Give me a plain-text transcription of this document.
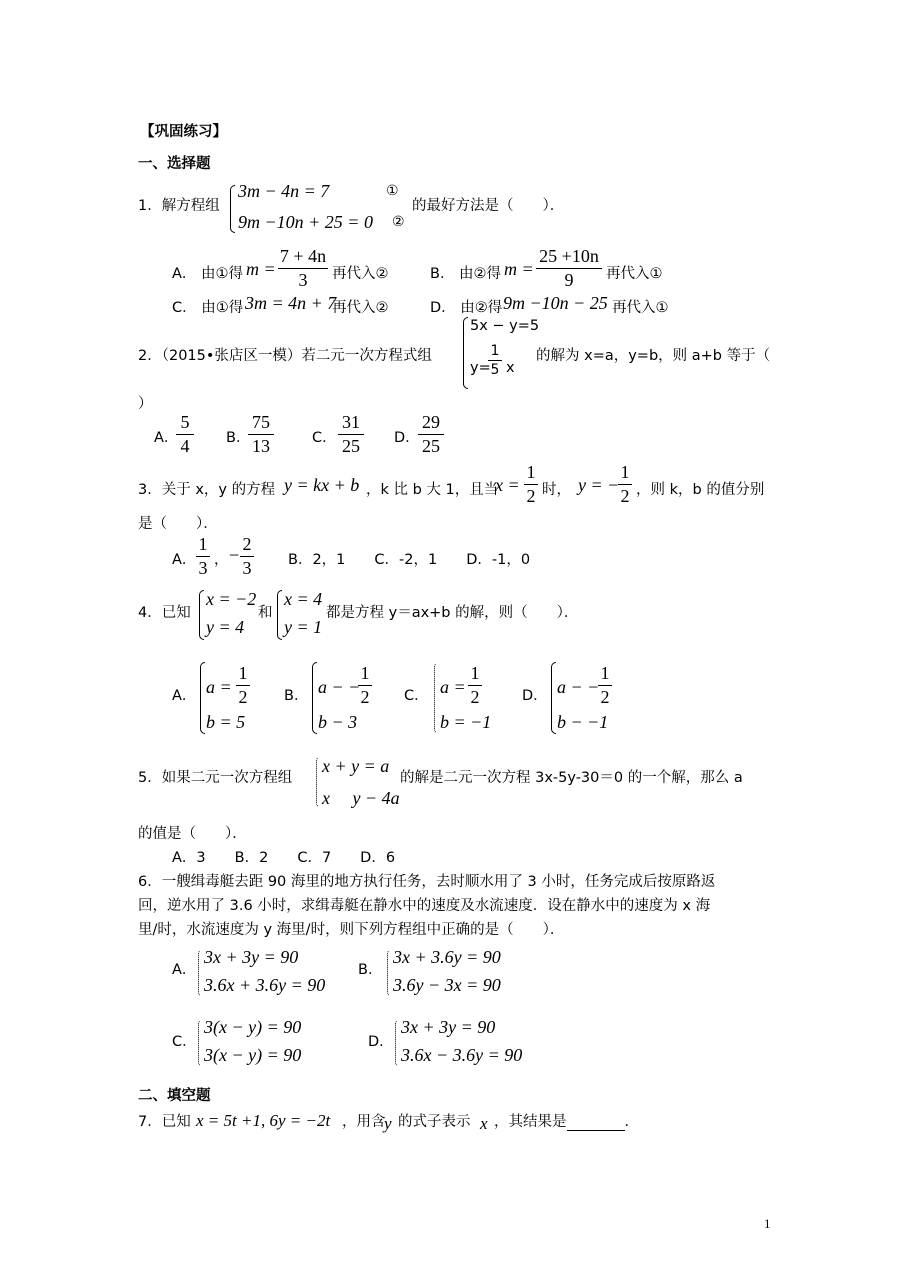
【巩固练习】
一、选择题
1．解方程组
3m − 4n = 7
9m −10n + 25 = 0
①
②
的最好方法是（　　）．
A． 由①得 m =
7 + 4n
3 再代入②	B． 由②得 m =
25 +10n
9 再代入①
C． 由①得 3m = 4n + 7
再代入②	D． 由②得 9m −10n − 25 再代入①
2．（2015•张店区一模）若二元一次方程式组
5x − y=5
y=
1
5 x
的解为 x=a，y=b，则 a+b 等于（
）
A．
5
4	B．
75
13	C．
31
25 D．
29
25
3．关于 x，y 的方程 y = kx + b ，k 比 b 大 1，且当
x =
1
2 时， y = −
1
2 ，则 k，b 的值分别
是（　　）．
A．
1
3 ， −
2
3	B．2，1　　C．-2，1　　D．-1，0
4．已知
x = −2
y = 4
和
x = 4
y = 1
都是方程 y＝ax+b 的解，则（　　）．
A． a =
1
2
b = 5
B． a − −
1
2
b − 3
C． a =
1
2
b = −1
D． a − −
1
2
b − −1
5．如果二元一次方程组
x + y = a
x　 y − 4a
的解是二元一次方程 3x-5y-30＝0 的一个解，那么 a
的值是（　　）．
A．3　　B．2　　C．7　　D．6
6．一艘缉毒艇去距 90 海里的地方执行任务，去时顺水用了 3 小时，任务完成后按原路返
回，逆水用了 3.6 小时，求缉毒艇在静水中的速度及水流速度．设在静水中的速度为 x 海
里/时，水流速度为 y 海里/时，则下列方程组中正确的是（　　）．
A．
3x + 3y = 90
3.6x + 3.6y = 90
B．
3x + 3.6y = 90
3.6y − 3x = 90
C．
3(x − y) = 90
3(x − y) = 90
D．
3x + 3y = 90
3.6x − 3.6y = 90
二、填空题
7．已知 x = 5t +1, 6y = −2t ，用含
y 的式子表示 x ，其结果是	．
1
